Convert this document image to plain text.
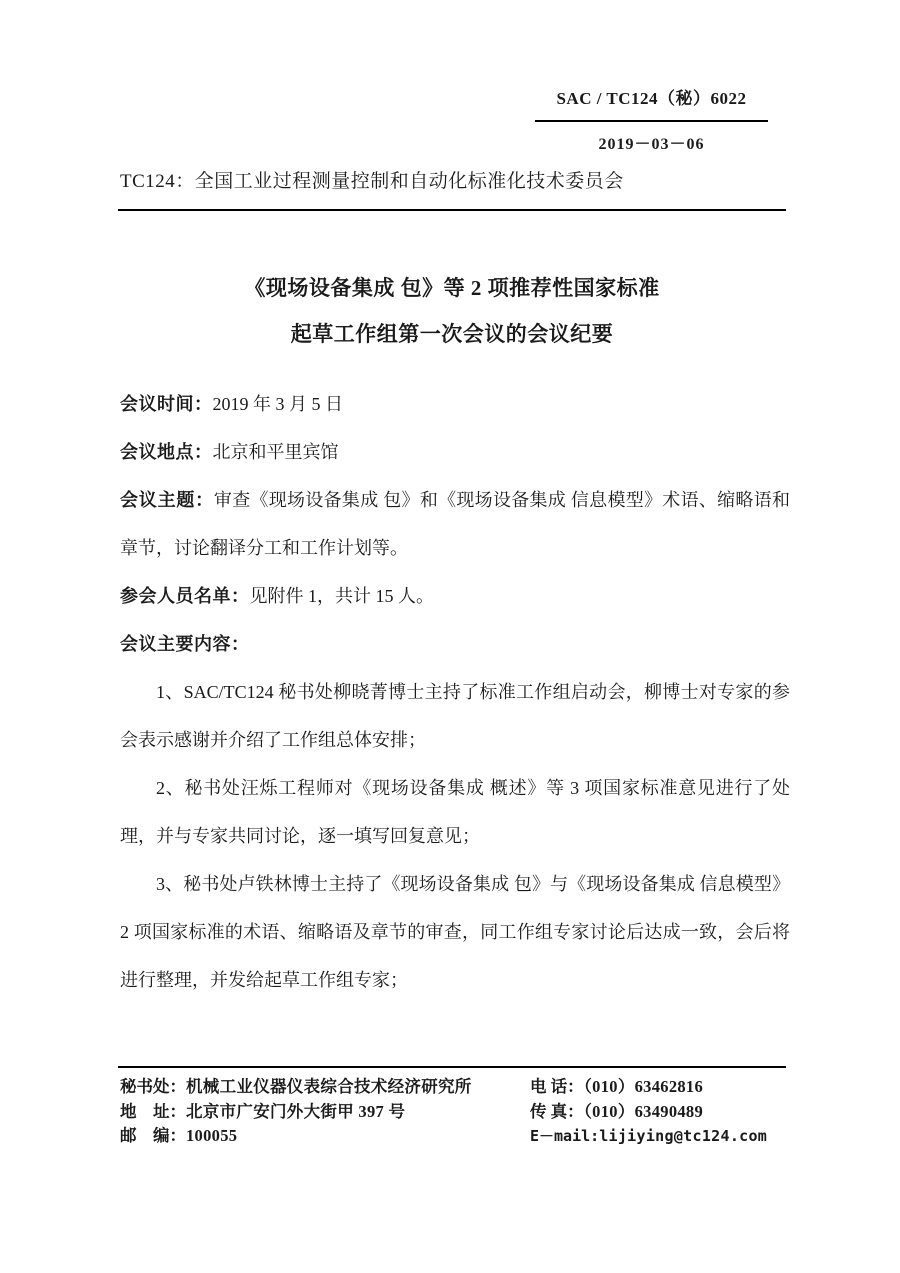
SAC / TC124（秘）6022
2019－03－06
TC124：全国工业过程测量控制和自动化标准化技术委员会
《现场设备集成 包》等 2 项推荐性国家标准
起草工作组第一次会议的会议纪要

会议时间：2019 年 3 月 5 日

会议地点：北京和平里宾馆

会议主题：审查《现场设备集成 包》和《现场设备集成 信息模型》术语、缩略语和章节，讨论翻译分工和工作计划等。

参会人员名单：见附件 1，共计 15 人。

会议主要内容：

1、SAC/TC124 秘书处柳晓菁博士主持了标准工作组启动会，柳博士对专家的参会表示感谢并介绍了工作组总体安排；

2、秘书处汪烁工程师对《现场设备集成 概述》等 3 项国家标准意见进行了处理，并与专家共同讨论，逐一填写回复意见；

3、秘书处卢铁林博士主持了《现场设备集成 包》与《现场设备集成 信息模型》2 项国家标准的术语、缩略语及章节的审查，同工作组专家讨论后达成一致，会后将进行整理，并发给起草工作组专家；

秘书处：机械工业仪器仪表综合技术经济研究所
地　址：北京市广安门外大街甲 397 号
邮　编：100055
电 话：（010）63462816
传 真：（010）63490489
E－mail:lijiying@tc124.com
